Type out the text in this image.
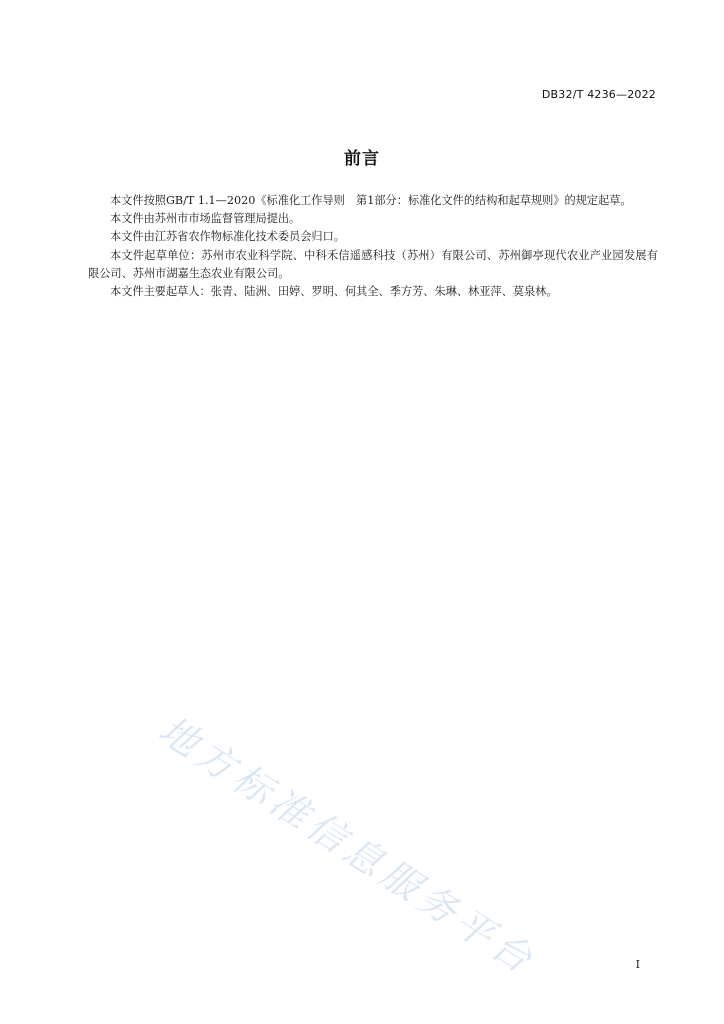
DB32/T 4236—2022
前言

本文件按照GB/T 1.1—2020《标准化工作导则　第1部分：标准化文件的结构和起草规则》的规定起草。

本文件由苏州市市场监督管理局提出。

本文件由江苏省农作物标准化技术委员会归口。

本文件起草单位：苏州市农业科学院、中科禾信遥感科技（苏州）有限公司、苏州御亭现代农业产业园发展有限公司、苏州市湖嘉生态农业有限公司。

本文件主要起草人：张青、陆洲、田婷、罗明、何其全、季方芳、朱琳、林亚萍、莫泉林。

地方标准信息服务平台	I
